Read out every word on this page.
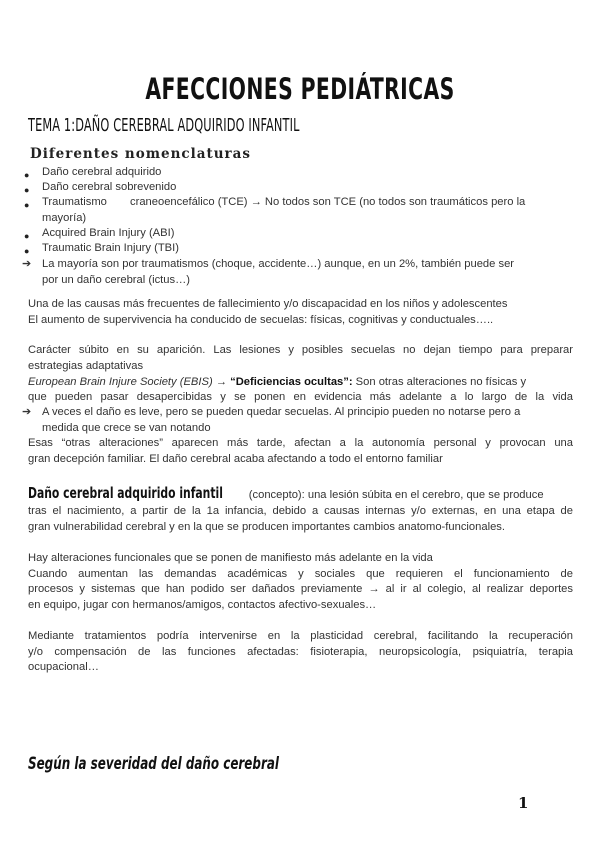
AFECCIONES PEDIÁTRICAS
TEMA 1:DAÑO CEREBRAL ADQUIRIDO INFANTIL
Diferentes nomenclaturas
● Daño cerebral adquirido
● Daño cerebral sobrevenido
● Traumatismo craneoencefálico (TCE) → No todos son TCE (no todos son traumáticos pero la
mayoría)
● Acquired Brain Injury (ABI)
● Traumatic Brain Injury (TBI)
➔ La mayoría son por traumatismos (choque, accidente…) aunque, en un 2%, también puede ser
por un daño cerebral (ictus…)
Una de las causas más frecuentes de fallecimiento y/o discapacidad en los niños y adolescentes
El aumento de supervivencia ha conducido de secuelas: físicas, cognitivas y conductuales…..
Carácter súbito en su aparición. Las lesiones y posibles secuelas no dejan tiempo para preparar
estrategias adaptativas
European Brain Injure Society (EBIS) → “Deficiencias ocultas”: Son otras alteraciones no físicas y
que pueden pasar desapercibidas y se ponen en evidencia más adelante a lo largo de la vida
➔ A veces el daño es leve, pero se pueden quedar secuelas. Al principio pueden no notarse pero a
medida que crece se van notando
Esas “otras alteraciones” aparecen más tarde, afectan a la autonomía personal y provocan una
gran decepción familiar. El daño cerebral acaba afectando a todo el entorno familiar
Daño cerebral adquirido infantil (concepto): una lesión súbita en el cerebro, que se produce
tras el nacimiento, a partir de la 1a infancia, debido a causas internas y/o externas, en una etapa de
gran vulnerabilidad cerebral y en la que se producen importantes cambios anatomo-funcionales.
Hay alteraciones funcionales que se ponen de manifiesto más adelante en la vida
Cuando aumentan las demandas académicas y sociales que requieren el funcionamiento de
procesos y sistemas que han podido ser dañados previamente → al ir al colegio, al realizar deportes
en equipo, jugar con hermanos/amigos, contactos afectivo-sexuales…
Mediante tratamientos podría intervenirse en la plasticidad cerebral, facilitando la recuperación
y/o compensación de las funciones afectadas: fisioterapia, neuropsicología, psiquiatría, terapia
ocupacional…
Según la severidad del daño cerebral
1
